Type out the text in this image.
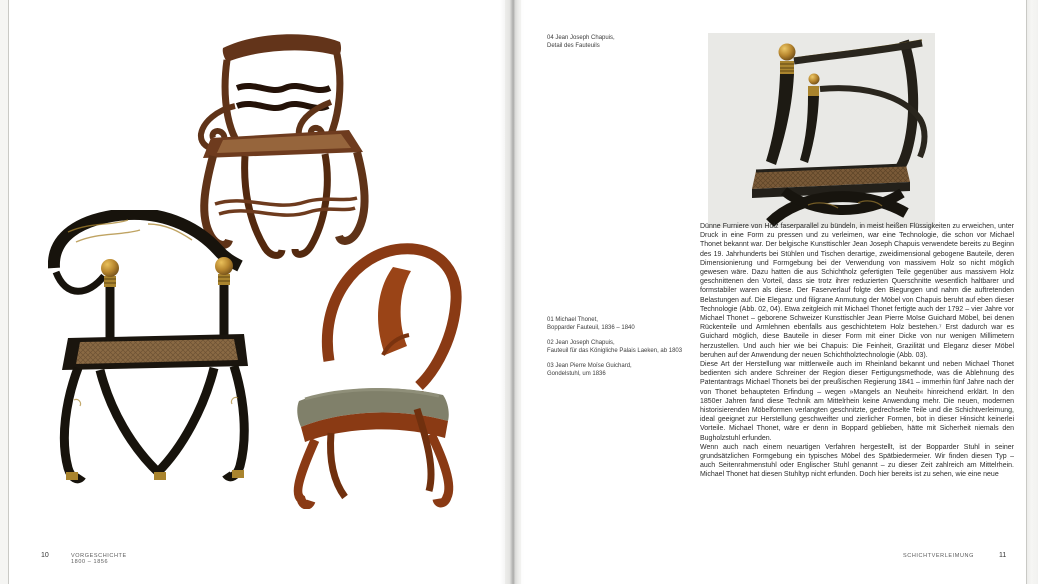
10	VORGESCHICHTE 1800 – 1856
04 Jean Joseph Chapuis,
Detail des Fauteuils
01 Michael Thonet,
Bopparder Fauteuil, 1836 – 1840
02 Jean Joseph Chapuis,
Fauteuil für das Königliche Palais Laeken, ab 1803
03 Jean Pierre Moïse Guichard,
Gondelstuhl, um 1836

Dünne Furniere von Holz faserparallel zu bündeln, in meist heißen Flüssigkeiten zu erweichen, unter Druck in eine Form zu pressen und zu verleimen, war eine Technologie, die schon vor Michael Thonet bekannt war. Der belgische Kunsttischler Jean Joseph Chapuis verwendete bereits zu Beginn des 19. Jahrhunderts bei Stühlen und Tischen derartige, zweidimensional gebogene Bauteile, deren Dimensionierung und Formgebung bei der Verwendung von massivem Holz so nicht möglich gewesen wäre. Dazu hatten die aus Schichtholz gefertigten Teile gegenüber aus massivem Holz geschnittenen den Vorteil, dass sie trotz ihrer reduzierten Querschnitte wesentlich haltbarer und formstabiler waren als diese. Der Faserverlauf folgte den Biegungen und nahm die auftretenden Belastungen auf. Die Eleganz und filigrane Anmutung der Möbel von Chapuis beruht auf eben dieser Technologie (Abb. 02, 04). Etwa zeitgleich mit Michael Thonet fertigte auch der 1792 – vier Jahre vor Michael Thonet – geborene Schweizer Kunsttischler Jean Pierre Moïse Guichard Möbel, bei denen Rückenteile und Armlehnen ebenfalls aus geschichtetem Holz bestehen.⁷ Erst dadurch war es Guichard möglich, diese Bauteile in dieser Form mit einer Dicke von nur wenigen Millimetern herzustellen. Und auch hier wie bei Chapuis: Die Feinheit, Grazilität und Eleganz dieser Möbel beruhen auf der Anwendung der neuen Schichtholztechnologie (Abb. 03).

Diese Art der Herstellung war mittlerweile auch im Rheinland bekannt und neben Michael Thonet bedienten sich andere Schreiner der Region dieser Fertigungsmethode, was die Ablehnung des Patentantrags Michael Thonets bei der preußischen Regierung 1841 – immerhin fünf Jahre nach der von Thonet behaupteten Erfindung – wegen »Mangels an Neuheit« hinreichend erklärt. In den 1850er Jahren fand diese Technik am Mittelrhein keine Anwendung mehr. Die neuen, modernen historisierenden Möbelformen verlangten geschnitzte, gedrechselte Teile und die Schichtverleimung, ideal geeignet zur Herstellung geschweifter und zierlicher Formen, bot in dieser Hinsicht keinerlei Vorteile. Michael Thonet, wäre er denn in Boppard geblieben, hätte mit Sicherheit niemals den Bugholzstuhl erfunden.

Wenn auch nach einem neuartigen Verfahren hergestellt, ist der Bopparder Stuhl in seiner grundsätzlichen Formgebung ein typisches Möbel des Spätbiedermeier. Wir finden diesen Typ – auch Seitenrahmenstuhl oder Englischer Stuhl genannt – zu dieser Zeit zahlreich am Mittelrhein. Michael Thonet hat diesen Stuhltyp nicht erfunden. Doch hier bereits ist zu sehen, wie eine neue

SCHICHTVERLEIMUNG	11
